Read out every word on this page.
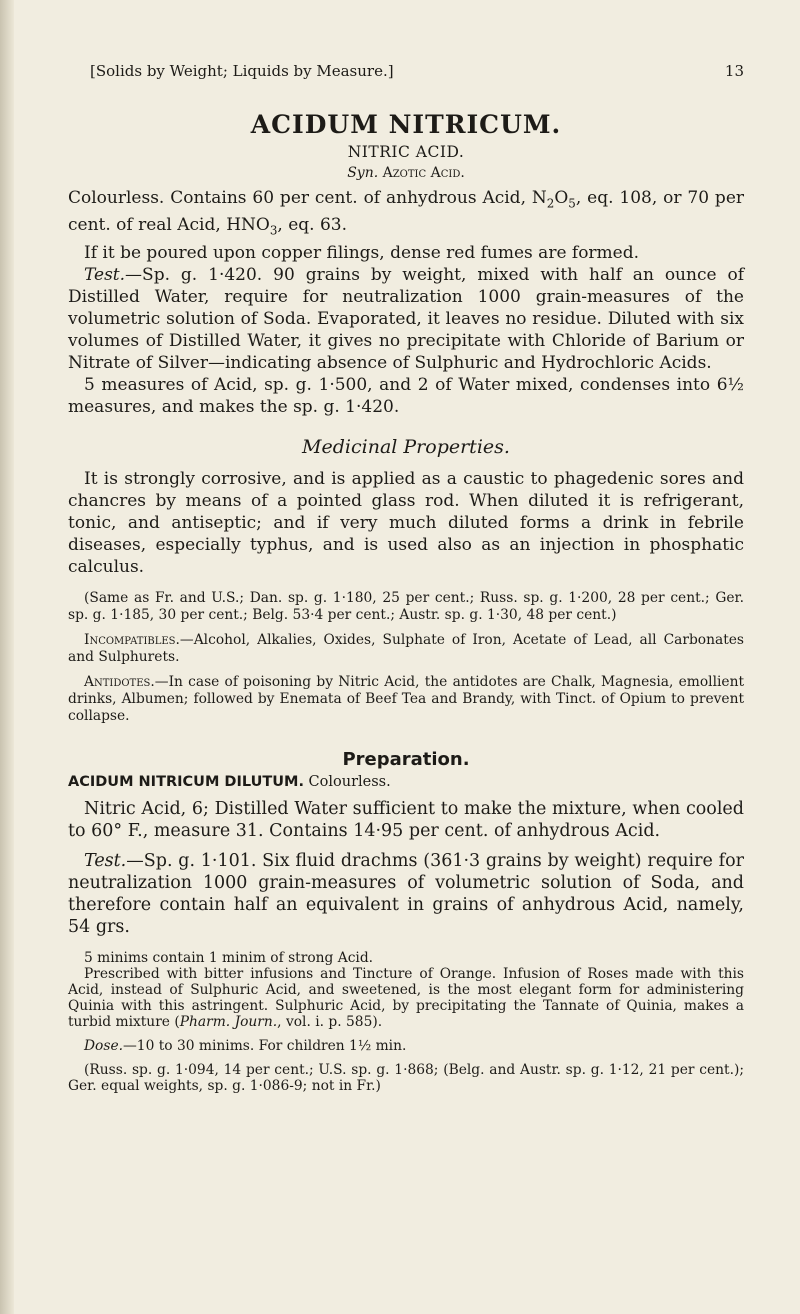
[Solids by Weight; Liquids by Measure.]	13
ACIDUM NITRICUM.
NITRIC ACID.
Syn. Azotic Acid.

Colourless. Contains 60 per cent. of anhydrous Acid, $N_2O_5$, eq. 108, or 70 per cent. of real Acid, $HNO_3$, eq. 63.

If it be poured upon copper filings, dense red fumes are formed.

Test.—Sp. g. 1·420. 90 grains by weight, mixed with half an ounce of Distilled Water, require for neutralization 1000 grain-measures of the volumetric solution of Soda. Evaporated, it leaves no residue. Diluted with six volumes of Distilled Water, it gives no precipitate with Chloride of Barium or Nitrate of Silver—indicating absence of Sulphuric and Hydrochloric Acids.

5 measures of Acid, sp. g. 1·500, and 2 of Water mixed, condenses into 6½ measures, and makes the sp. g. 1·420.

Medicinal Properties.

It is strongly corrosive, and is applied as a caustic to phagedenic sores and chancres by means of a pointed glass rod. When diluted it is refrigerant, tonic, and antiseptic; and if very much diluted forms a drink in febrile diseases, especially typhus, and is used also as an injection in phosphatic calculus.

(Same as Fr. and U.S.; Dan. sp. g. 1·180, 25 per cent.; Russ. sp. g. 1·200, 28 per cent.; Ger. sp. g. 1·185, 30 per cent.; Belg. 53·4 per cent.; Austr. sp. g. 1·30, 48 per cent.)

Incompatibles.—Alcohol, Alkalies, Oxides, Sulphate of Iron, Acetate of Lead, all Carbonates and Sulphurets.

Antidotes.—In case of poisoning by Nitric Acid, the antidotes are Chalk, Magnesia, emollient drinks, Albumen; followed by Enemata of Beef Tea and Brandy, with Tinct. of Opium to prevent collapse.

Preparation.
ACIDUM NITRICUM DILUTUM. Colourless.

Nitric Acid, 6; Distilled Water sufficient to make the mixture, when cooled to 60° F., measure 31. Contains 14·95 per cent. of anhydrous Acid.

Test.—Sp. g. 1·101. Six fluid drachms (361·3 grains by weight) require for neutralization 1000 grain-measures of volumetric solution of Soda, and therefore contain half an equivalent in grains of anhydrous Acid, namely, 54 grs.

5 minims contain 1 minim of strong Acid.

Prescribed with bitter infusions and Tincture of Orange. Infusion of Roses made with this Acid, instead of Sulphuric Acid, and sweetened, is the most elegant form for administering Quinia with this astringent. Sulphuric Acid, by precipitating the Tannate of Quinia, makes a turbid mixture (Pharm. Journ., vol. i. p. 585).

Dose.—10 to 30 minims. For children 1½ min.

(Russ. sp. g. 1·094, 14 per cent.; U.S. sp. g. 1·868; (Belg. and Austr. sp. g. 1·12, 21 per cent.); Ger. equal weights, sp. g. 1·086-9; not in Fr.)
